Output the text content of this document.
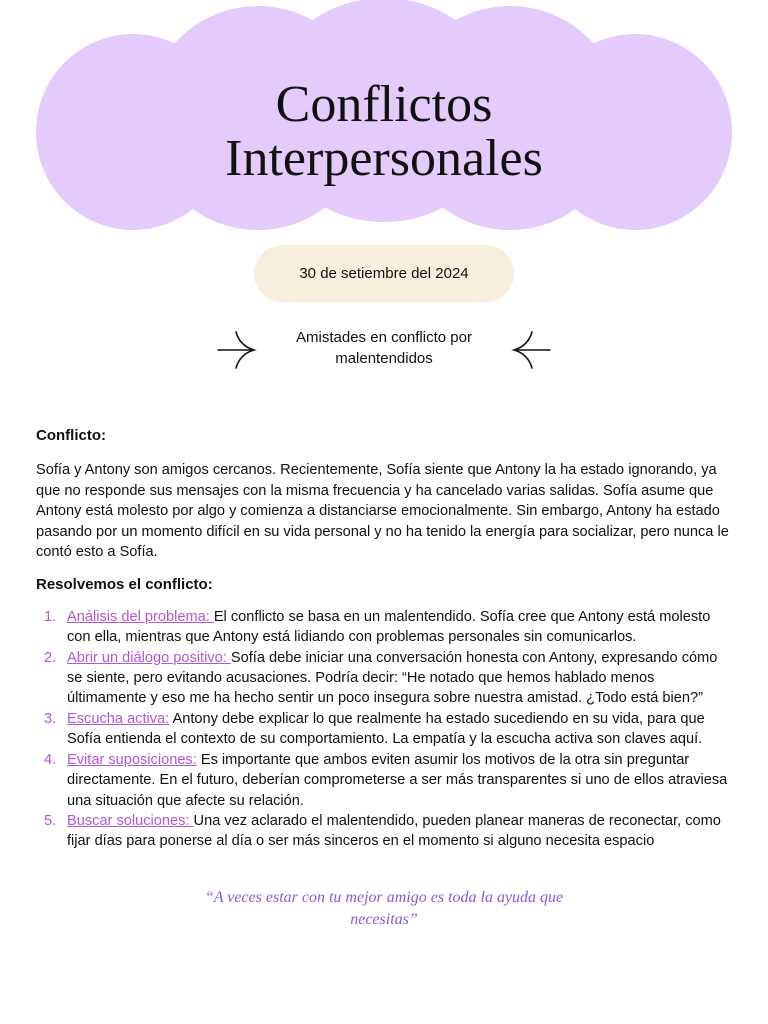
Conflictos
Interpersonales
30 de setiembre del 2024
Amistades en conflicto por malentendidos

Conflicto:

Sofía y Antony son amigos cercanos. Recientemente, Sofía siente que Antony la ha estado ignorando, ya que no responde sus mensajes con la misma frecuencia y ha cancelado varias salidas. Sofía asume que Antony está molesto por algo y comienza a distanciarse emocionalmente. Sin embargo, Antony ha estado pasando por un momento difícil en su vida personal y no ha tenido la energía para socializar, pero nunca le contó esto a Sofía.

Resolvemos el conflicto:

1. Análisis del problema: El conflicto se basa en un malentendido. Sofía cree que Antony está molesto con ella, mientras que Antony está lidiando con problemas personales sin comunicarlos.
2. Abrir un diálogo positivo: Sofía debe iniciar una conversación honesta con Antony, expresando cómo se siente, pero evitando acusaciones. Podría decir: “He notado que hemos hablado menos últimamente y eso me ha hecho sentir un poco insegura sobre nuestra amistad. ¿Todo está bien?”
3. Escucha activa: Antony debe explicar lo que realmente ha estado sucediendo en su vida, para que Sofía entienda el contexto de su comportamiento. La empatía y la escucha activa son claves aquí.
4. Evitar suposiciones: Es importante que ambos eviten asumir los motivos de la otra sin preguntar directamente. En el futuro, deberían comprometerse a ser más transparentes si uno de ellos atraviesa una situación que afecte su relación.
5. Buscar soluciones: Una vez aclarado el malentendido, pueden planear maneras de reconectar, como fijar días para ponerse al día o ser más sinceros en el momento si alguno necesita espacio
“A veces estar con tu mejor amigo es toda la ayuda que necesitas”
